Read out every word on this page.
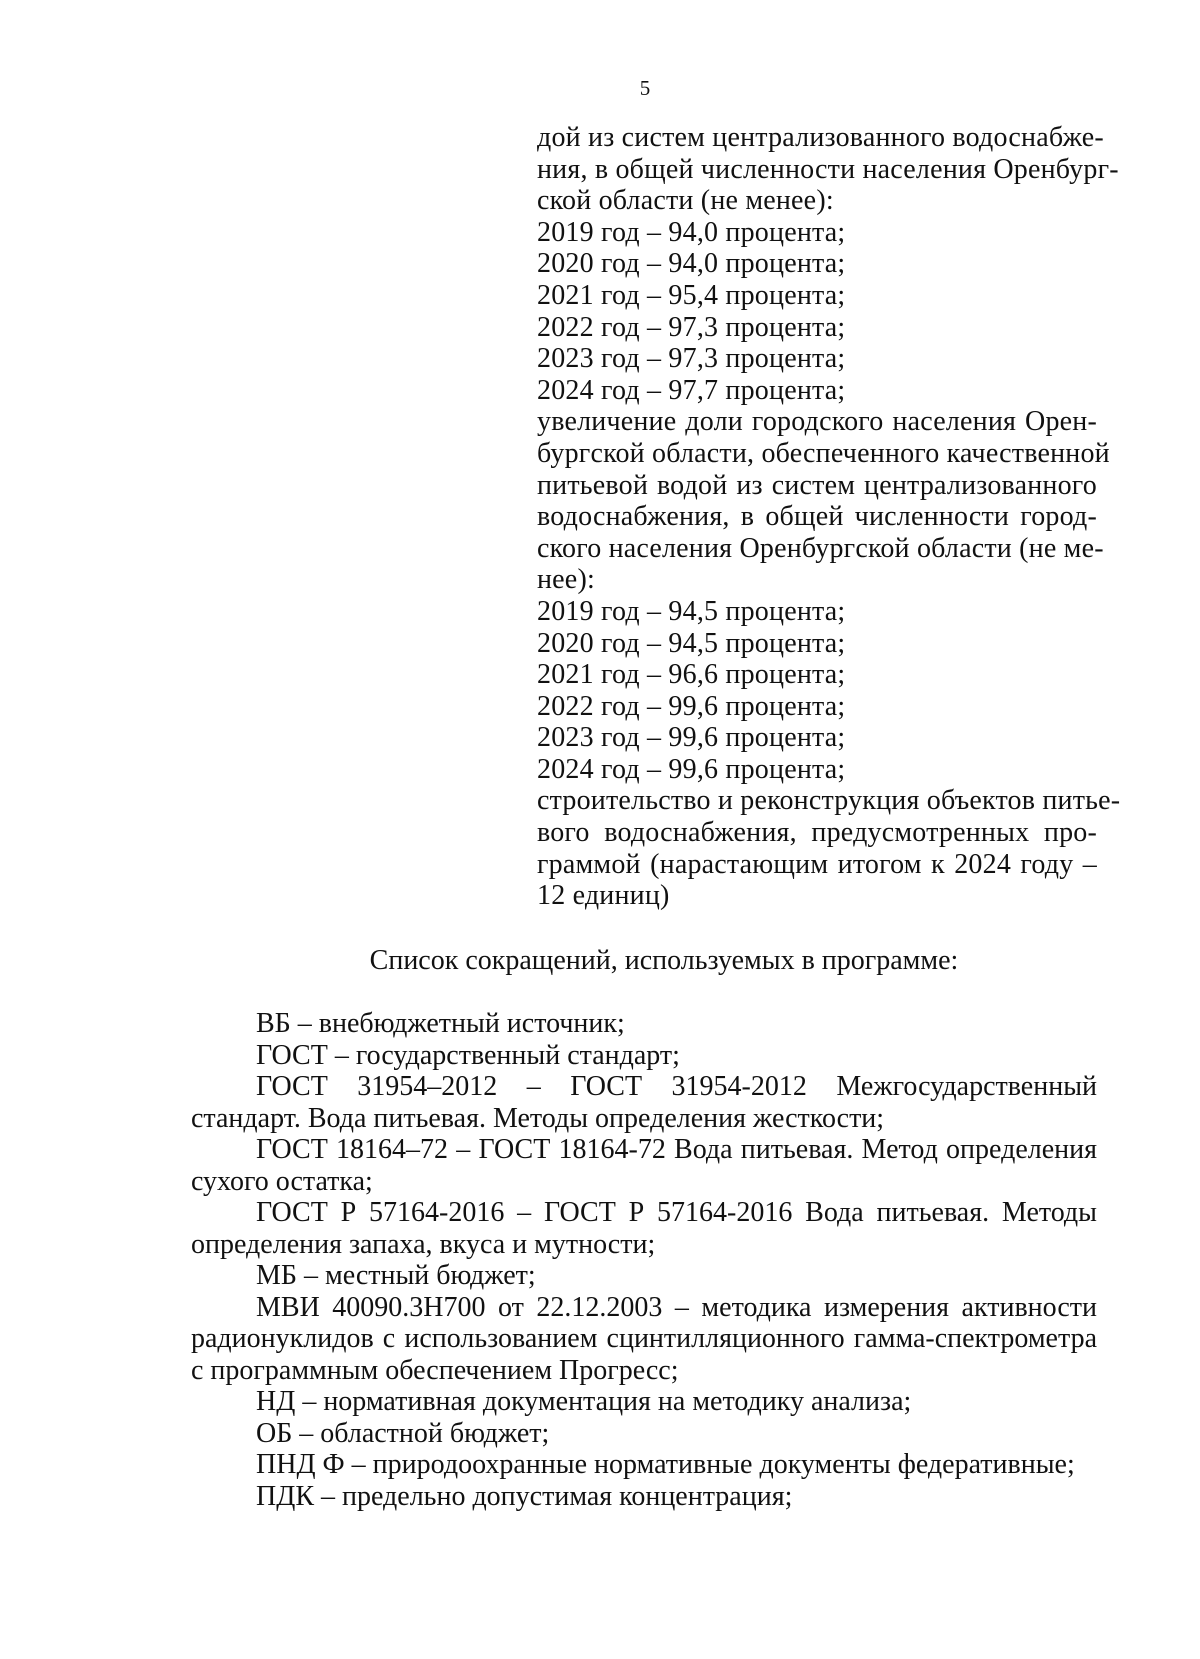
5
дой из систем централизованного водоснабже-
ния, в общей численности населения Оренбург-
ской области (не менее):
2019 год – 94,0 процента;
2020 год – 94,0 процента;
2021 год – 95,4 процента;
2022 год – 97,3 процента;
2023 год – 97,3 процента;
2024 год – 97,7 процента;
увеличение доли городского населения Орен-
бургской области, обеспеченного качественной
питьевой водой из систем централизованного
водоснабжения, в общей численности город-
ского населения Оренбургской области (не ме-
нее):
2019 год – 94,5 процента;
2020 год – 94,5 процента;
2021 год – 96,6 процента;
2022 год – 99,6 процента;
2023 год – 99,6 процента;
2024 год – 99,6 процента;
строительство и реконструкция объектов питье-
вого водоснабжения, предусмотренных про-
граммой (нарастающим итогом к 2024 году –
12 единиц)
Список сокращений, используемых в программе:
ВБ – внебюджетный источник;
ГОСТ – государственный стандарт;
ГОСТ 31954–2012 – ГОСТ 31954-2012 Межгосударственный стандарт. Вода питьевая. Методы определения жесткости;
ГОСТ 18164–72 – ГОСТ 18164-72 Вода питьевая. Метод определения сухого остатка;
ГОСТ Р 57164-2016 – ГОСТ Р 57164-2016 Вода питьевая. Методы определения запаха, вкуса и мутности;
МБ – местный бюджет;
МВИ 40090.3Н700 от 22.12.2003 – методика измерения активности радионуклидов с использованием сцинтилляционного гамма-спектрометра с программным обеспечением Прогресс;
НД – нормативная документация на методику анализа;
ОБ – областной бюджет;
ПНД Ф – природоохранные нормативные документы федеративные;
ПДК – предельно допустимая концентрация;
